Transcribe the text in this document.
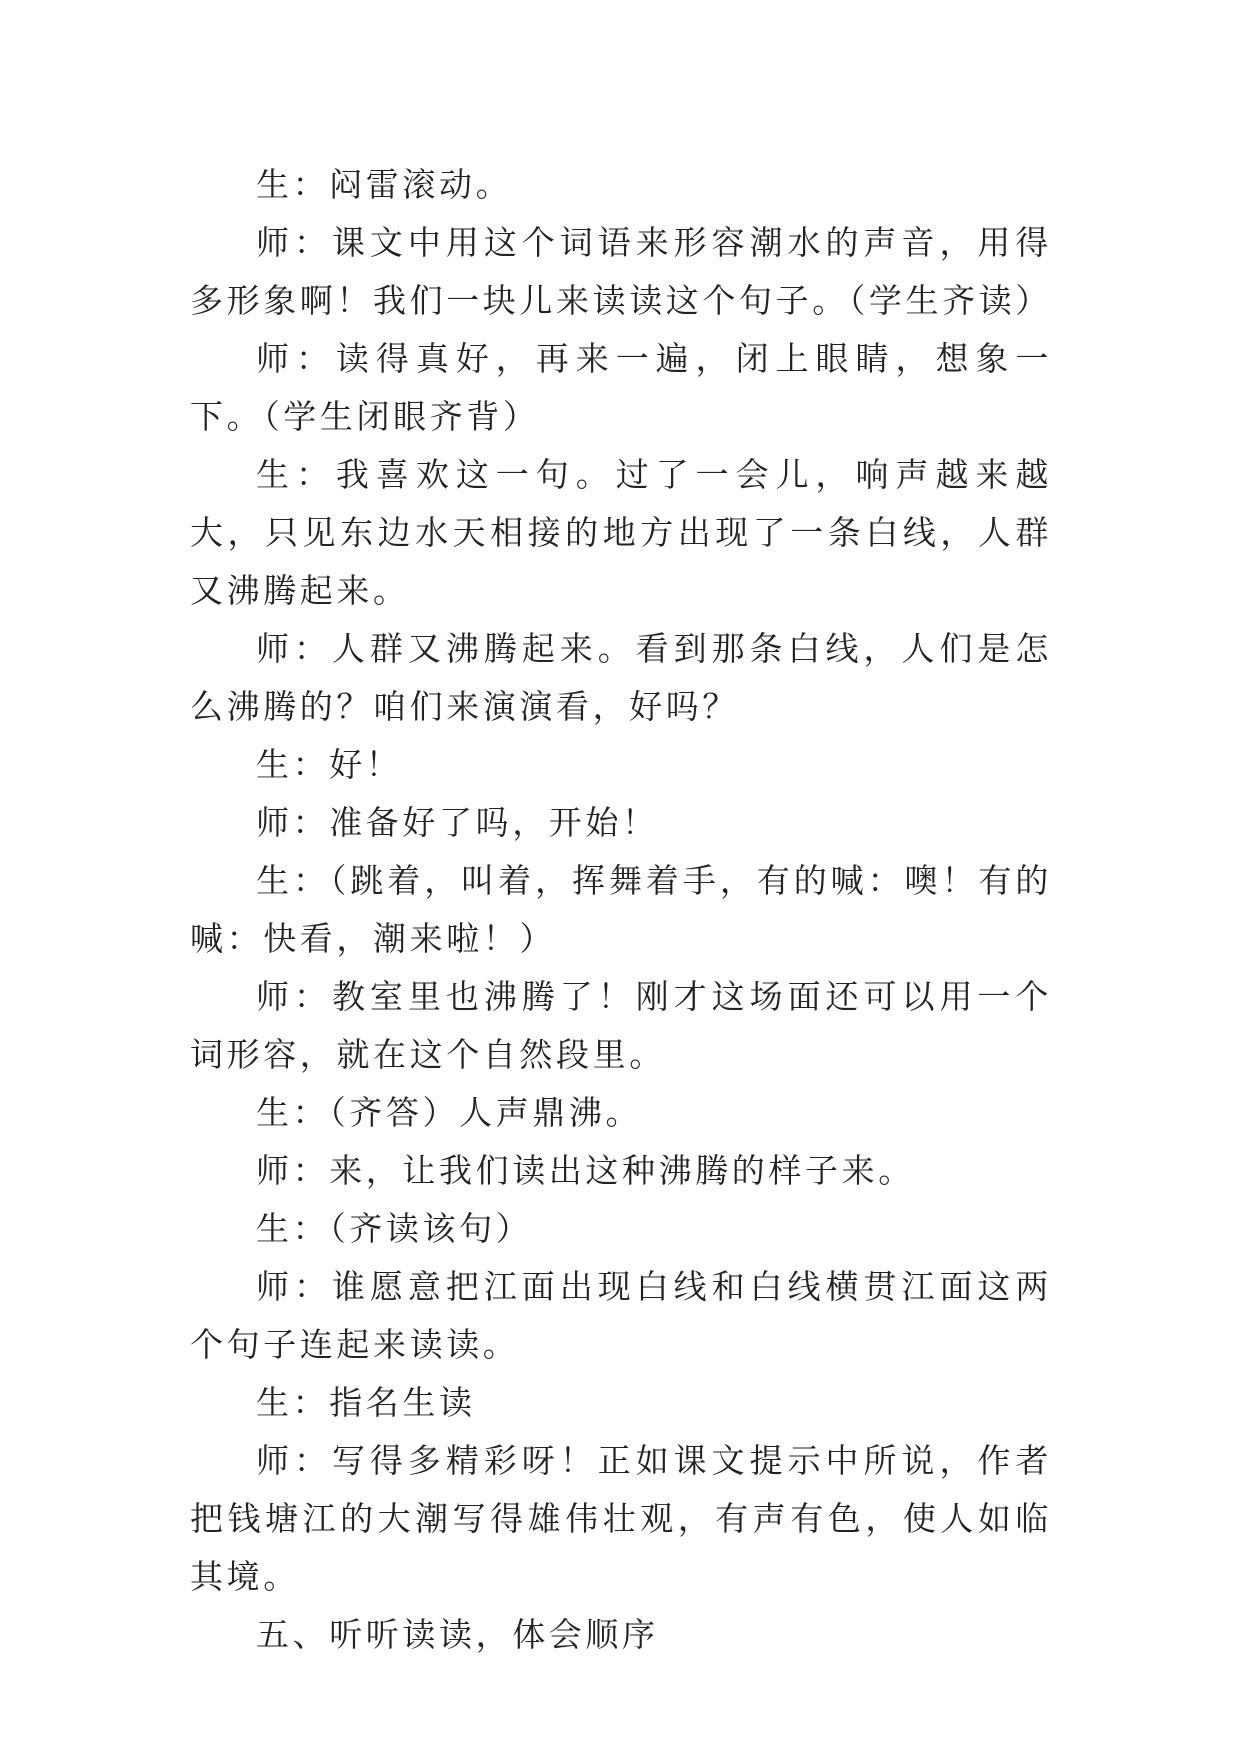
生：闷雷滚动。

师：课文中用这个词语来形容潮水的声音，用得多形象啊！我们一块儿来读读这个句子。（学生齐读）

师：读得真好，再来一遍，闭上眼睛，想象一下。（学生闭眼齐背）

生：我喜欢这一句。过了一会儿，响声越来越大，只见东边水天相接的地方出现了一条白线，人群又沸腾起来。

师：人群又沸腾起来。看到那条白线，人们是怎么沸腾的？咱们来演演看，好吗？

生：好！

师：准备好了吗，开始！

生：（跳着，叫着，挥舞着手，有的喊：噢！有的喊：快看，潮来啦！）

师：教室里也沸腾了！刚才这场面还可以用一个词形容，就在这个自然段里。

生：（齐答）人声鼎沸。

师：来，让我们读出这种沸腾的样子来。

生：（齐读该句）

师：谁愿意把江面出现白线和白线横贯江面这两个句子连起来读读。

生：指名生读

师：写得多精彩呀！正如课文提示中所说，作者把钱塘江的大潮写得雄伟壮观，有声有色，使人如临其境。

五、听听读读，体会顺序
